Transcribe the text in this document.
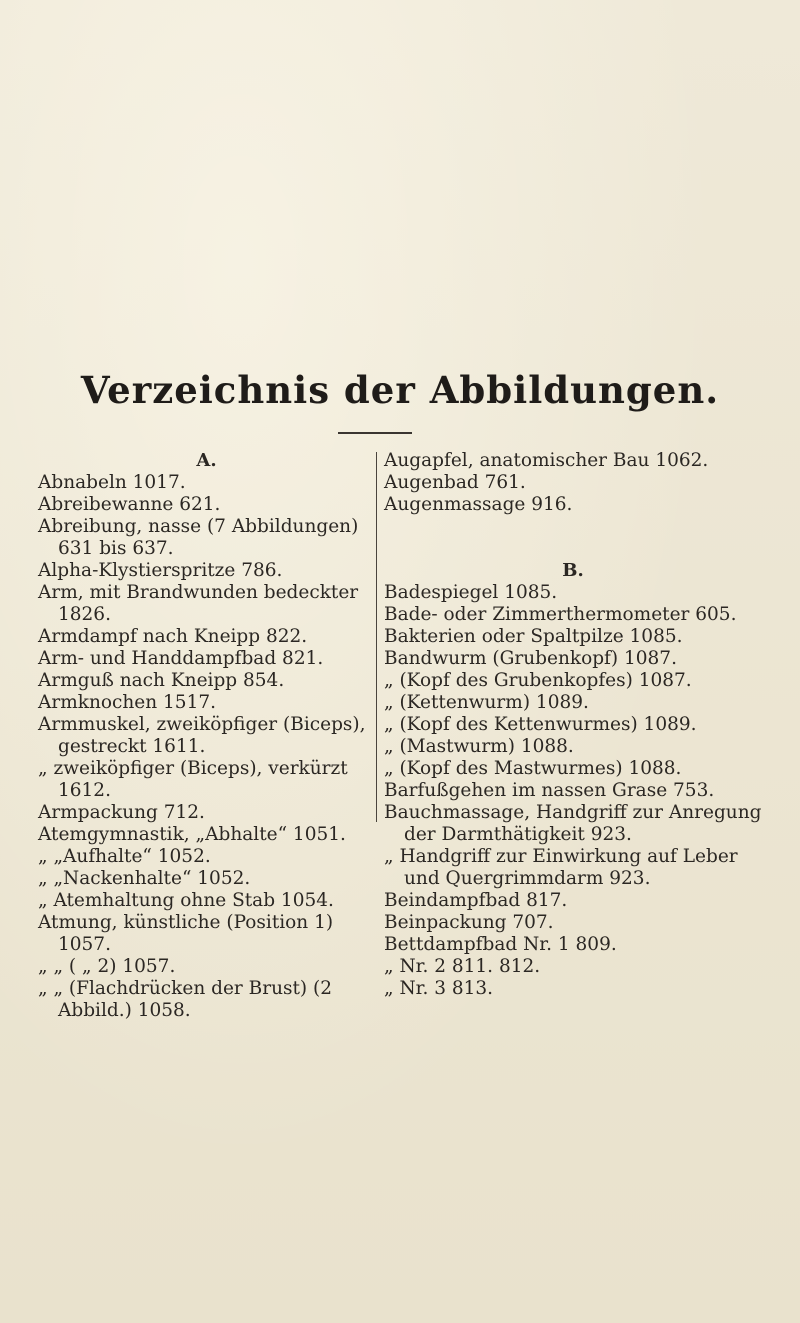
Verzeichnis der Abbildungen.
A.
Abnabeln 1017.
Abreibewanne 621.
Abreibung, nasse (7 Abbildungen) 631 bis 637.
Alpha-Klystierspritze 786.
Arm, mit Brandwunden bedeckter 1826.
Armdampf nach Kneipp 822.
Arm- und Handdampfbad 821.
Armguß nach Kneipp 854.
Armknochen 1517.
Armmuskel, zweiköpfiger (Biceps), gestreckt 1611.
„ zweiköpfiger (Biceps), verkürzt 1612.
Armpackung 712.
Atemgymnastik, „Abhalte“ 1051.
„ „Aufhalte“ 1052.
„ „Nackenhalte“ 1052.
„ Atemhaltung ohne Stab 1054.
Atmung, künstliche (Position 1) 1057.
„ „ ( „ 2) 1057.
„ „ (Flachdrücken der Brust) (2 Abbild.) 1058.
Augapfel, anatomischer Bau 1062.
Augenbad 761.
Augenmassage 916.
B.
Badespiegel 1085.
Bade- oder Zimmerthermometer 605.
Bakterien oder Spaltpilze 1085.
Bandwurm (Grubenkopf) 1087.
„ (Kopf des Grubenkopfes) 1087.
„ (Kettenwurm) 1089.
„ (Kopf des Kettenwurmes) 1089.
„ (Mastwurm) 1088.
„ (Kopf des Mastwurmes) 1088.
Barfußgehen im nassen Grase 753.
Bauchmassage, Handgriff zur Anregung der Darmthätigkeit 923.
„ Handgriff zur Einwirkung auf Leber und Quergrimmdarm 923.
Beindampfbad 817.
Beinpackung 707.
Bettdampfbad Nr. 1 809.
„ Nr. 2 811. 812.
„ Nr. 3 813.
